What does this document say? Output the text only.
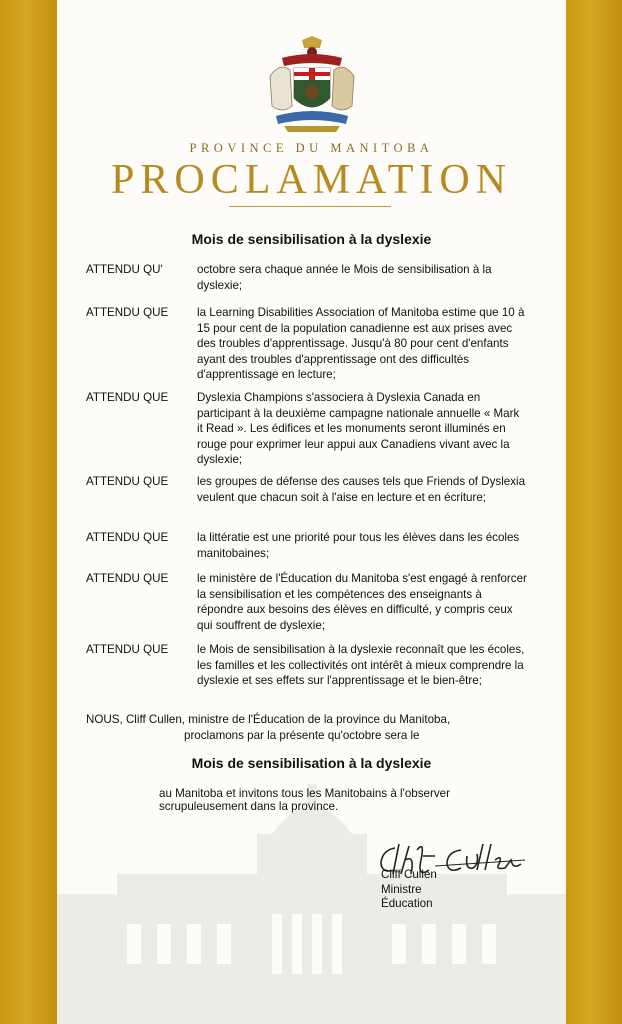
PROVINCE DU MANITOBA
PROCLAMATION
Mois de sensibilisation à la dyslexie
ATTENDU QU'	octobre sera chaque année le Mois de sensibilisation à la dyslexie;
ATTENDU QUE la Learning Disabilities Association of Manitoba estime que 10 à 15 pour cent de la population canadienne est aux prises avec des troubles d'apprentissage. Jusqu'à 80 pour cent d'enfants ayant des troubles d'apprentissage ont des difficultés d'apprentissage en lecture;
ATTENDU QUE Dyslexia Champions s'associera à Dyslexia Canada en participant à la deuxième campagne nationale annuelle « Mark it Read ». Les édifices et les monuments seront illuminés en rouge pour exprimer leur appui aux Canadiens vivant avec la dyslexie;
ATTENDU QUE les groupes de défense des causes tels que Friends of Dyslexia veulent que chacun soit à l'aise en lecture et en écriture;
ATTENDU QUE la littératie est une priorité pour tous les élèves dans les écoles manitobaines;
ATTENDU QUE le ministère de l'Éducation du Manitoba s'est engagé à renforcer la sensibilisation et les compétences des enseignants à répondre aux besoins des élèves en difficulté, y compris ceux qui souffrent de dyslexie;
ATTENDU QUE le Mois de sensibilisation à la dyslexie reconnaît que les écoles, les familles et les collectivités ont intérêt à mieux comprendre la dyslexie et ses effets sur l'apprentissage et le bien-être;
NOUS, Cliff Cullen, ministre de l'Éducation de la province du Manitoba,
proclamons par la présente qu'octobre sera le
Mois de sensibilisation à la dyslexie
au Manitoba et invitons tous les Manitobains à l'observer scrupuleusement dans la province.
Cliff Cullen
Ministre
Éducation
